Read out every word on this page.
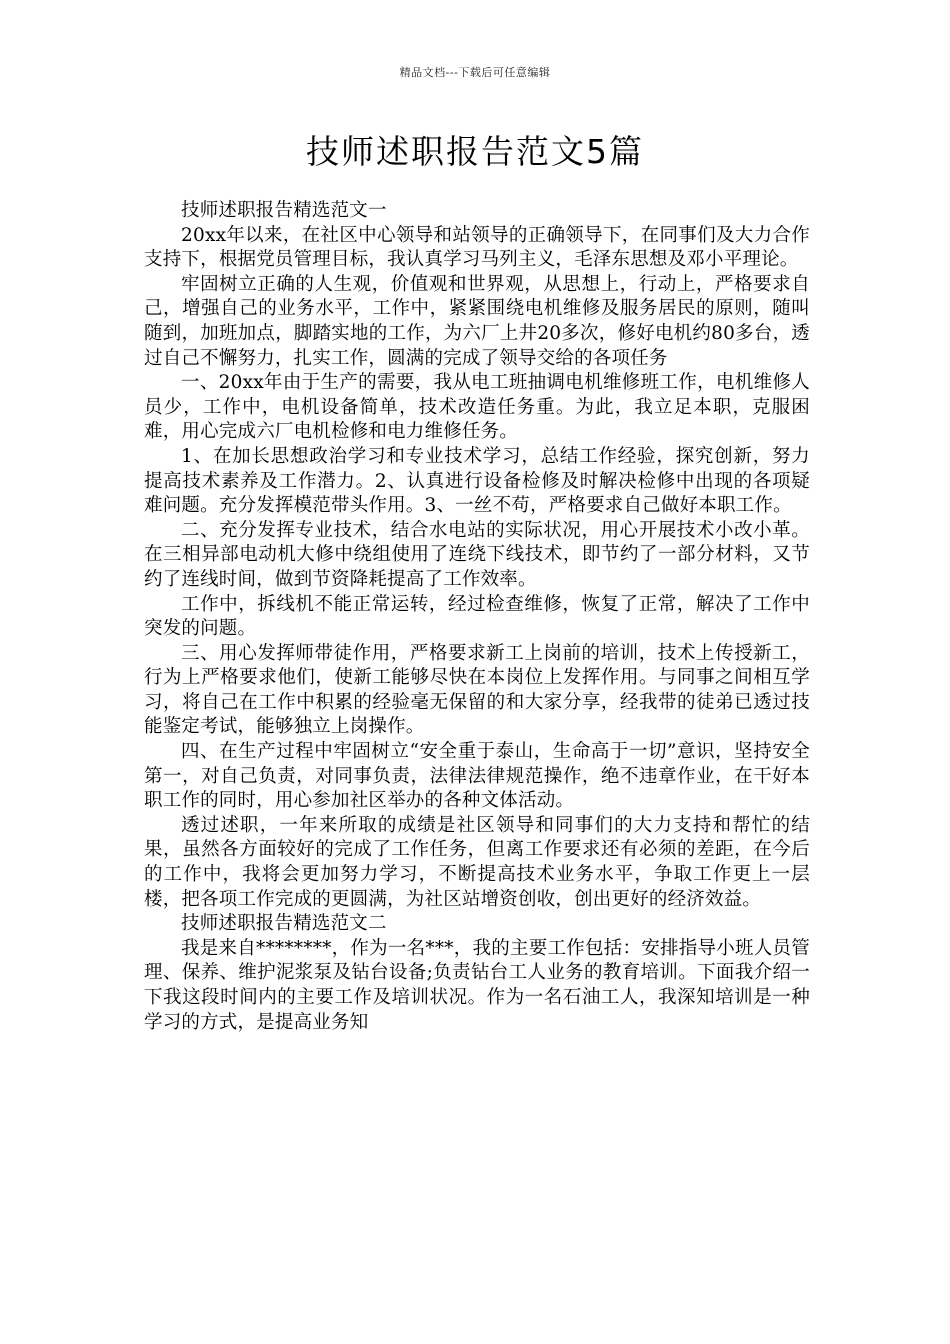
精品文档---下载后可任意编辑
技师述职报告范文5篇

技师述职报告精选范文一

20xx年以来，在社区中心领导和站领导的正确领导下，在同事们及大力合作支持下，根据党员管理目标，我认真学习马列主义，毛泽东思想及邓小平理论。

牢固树立正确的人生观，价值观和世界观，从思想上，行动上，严格要求自己，增强自己的业务水平，工作中，紧紧围绕电机维修及服务居民的原则，随叫随到，加班加点，脚踏实地的工作，为六厂上井20多次，修好电机约80多台，透过自己不懈努力，扎实工作，圆满的完成了领导交给的各项任务

一、20xx年由于生产的需要，我从电工班抽调电机维修班工作，电机维修人员少，工作中，电机设备简单，技术改造任务重。为此，我立足本职，克服困难，用心完成六厂电机检修和电力维修任务。

1、在加长思想政治学习和专业技术学习，总结工作经验，探究创新，努力提高技术素养及工作潜力。2、认真进行设备检修及时解决检修中出现的各项疑难问题。充分发挥模范带头作用。3、一丝不苟，严格要求自己做好本职工作。

二、充分发挥专业技术，结合水电站的实际状况，用心开展技术小改小革。在三相异部电动机大修中绕组使用了连绕下线技术，即节约了一部分材料，又节约了连线时间，做到节资降耗提高了工作效率。

工作中，拆线机不能正常运转，经过检查维修，恢复了正常，解决了工作中突发的问题。

三、用心发挥师带徒作用，严格要求新工上岗前的培训，技术上传授新工，行为上严格要求他们，使新工能够尽快在本岗位上发挥作用。与同事之间相互学习，将自己在工作中积累的经验毫无保留的和大家分享，经我带的徒弟已透过技能鉴定考试，能够独立上岗操作。

四、在生产过程中牢固树立“安全重于泰山，生命高于一切”意识，坚持安全第一，对自己负责，对同事负责，法律法律规范操作，绝不违章作业，在干好本职工作的同时，用心参加社区举办的各种文体活动。

透过述职，一年来所取的成绩是社区领导和同事们的大力支持和帮忙的结果，虽然各方面较好的完成了工作任务，但离工作要求还有必须的差距，在今后的工作中，我将会更加努力学习，不断提高技术业务水平，争取工作更上一层楼，把各项工作完成的更圆满，为社区站增资创收，创出更好的经济效益。

技师述职报告精选范文二

我是来自********，作为一名***，我的主要工作包括：安排指导小班人员管理、保养、维护泥浆泵及钻台设备;负责钻台工人业务的教育培训。下面我介绍一下我这段时间内的主要工作及培训状况。作为一名石油工人，我深知培训是一种学习的方式，是提高业务知
